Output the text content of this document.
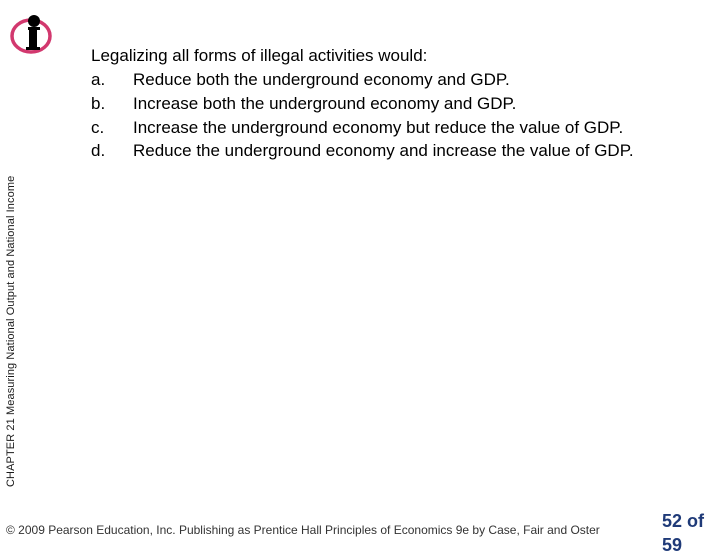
CHAPTER 21 Measuring National Output and National Income
Legalizing all forms of illegal activities would:
a. Reduce both the underground economy and GDP.
b. Increase both the underground economy and GDP.
c. Increase the underground economy but reduce the value of GDP.
d. Reduce the underground economy and increase the value of GDP.
© 2009 Pearson Education, Inc. Publishing as Prentice Hall Principles of Economics 9e by Case, Fair and Oster	52 of 59
